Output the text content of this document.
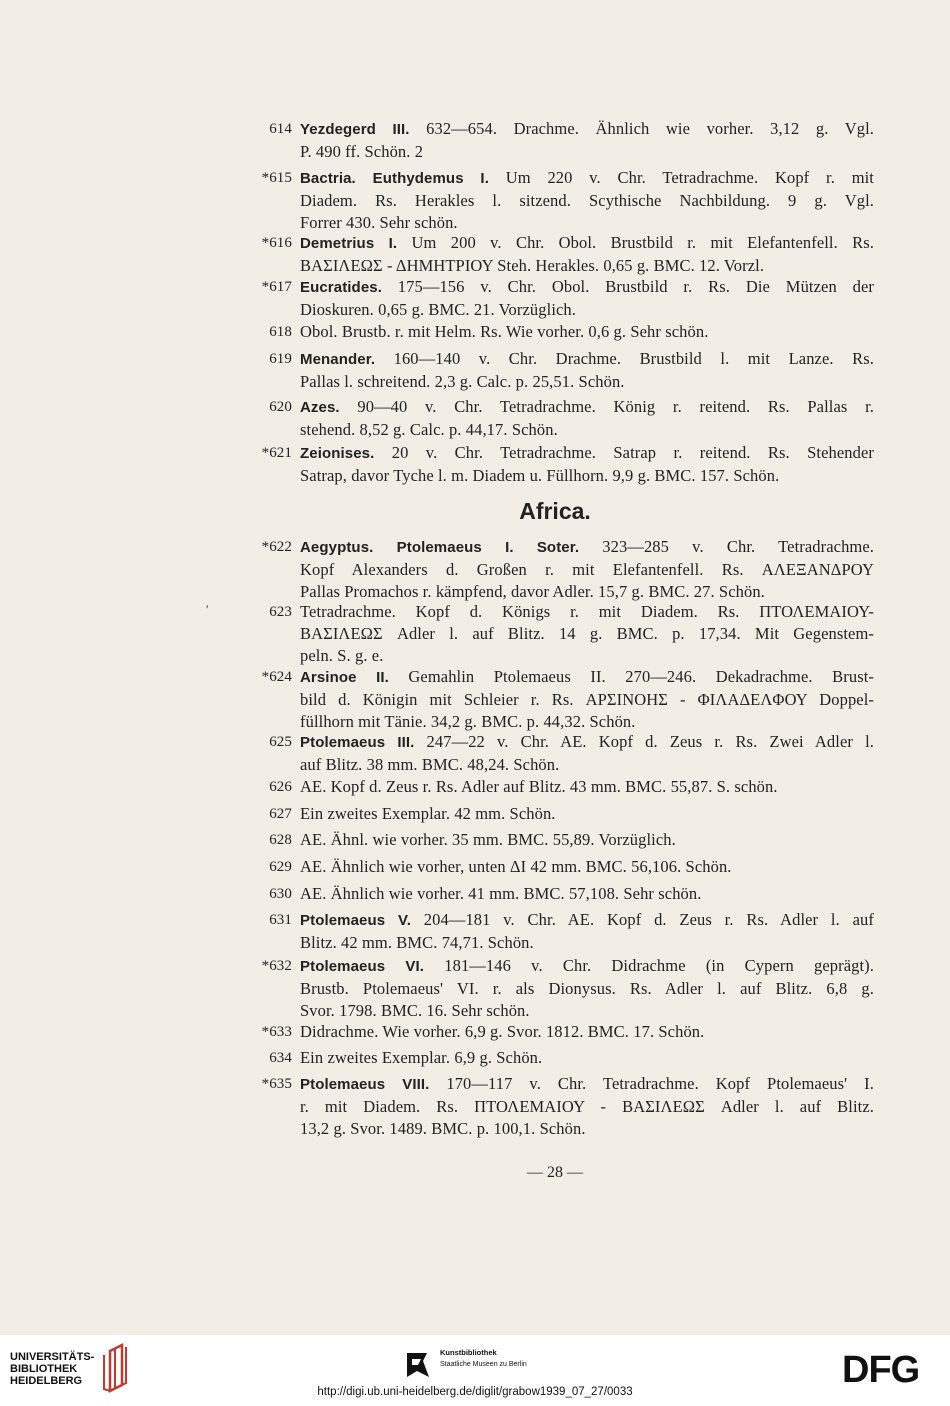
614 Yezdegerd III. 632—654. Drachme. Ähnlich wie vorher. 3,12 g. Vgl.
P. 490 ff. Schön. 2
*615 Bactria. Euthydemus I. Um 220 v. Chr. Tetradrachme. Kopf r. mit
Diadem. Rs. Herakles l. sitzend. Scythische Nachbildung. 9 g. Vgl.
Forrer 430. Sehr schön.
*616 Demetrius I. Um 200 v. Chr. Obol. Brustbild r. mit Elefantenfell. Rs.
ΒΑΣΙΛΕΩΣ - ΔΗΜΗΤΡΙΟΥ Steh. Herakles. 0,65 g. BMC. 12. Vorzl.
*617 Eucratides. 175—156 v. Chr. Obol. Brustbild r. Rs. Die Mützen der
Dioskuren. 0,65 g. BMC. 21. Vorzüglich.
618 Obol. Brustb. r. mit Helm. Rs. Wie vorher. 0,6 g. Sehr schön.
619 Menander. 160—140 v. Chr. Drachme. Brustbild l. mit Lanze. Rs.
Pallas l. schreitend. 2,3 g. Calc. p. 25,51. Schön.
620 Azes. 90—40 v. Chr. Tetradrachme. König r. reitend. Rs. Pallas r.
stehend. 8,52 g. Calc. p. 44,17. Schön.
*621 Zeionises. 20 v. Chr. Tetradrachme. Satrap r. reitend. Rs. Stehender
Satrap, davor Tyche l. m. Diadem u. Füllhorn. 9,9 g. BMC. 157. Schön.
*622 Aegyptus. Ptolemaeus I. Soter. 323—285 v. Chr. Tetradrachme.
Kopf Alexanders d. Großen r. mit Elefantenfell. Rs. ΑΛΕΞΑΝΔΡΟΥ
Pallas Promachos r. kämpfend, davor Adler. 15,7 g. BMC. 27. Schön.
623 Tetradrachme. Kopf d. Königs r. mit Diadem. Rs. ΠΤΟΛΕΜΑΙΟΥ-
ΒΑΣΙΛΕΩΣ Adler l. auf Blitz. 14 g. BMC. p. 17,34. Mit Gegenstem-
peln. S. g. e.
*624 Arsinoe II. Gemahlin Ptolemaeus II. 270—246. Dekadrachme. Brust-
bild d. Königin mit Schleier r. Rs. ΑΡΣΙΝΟΗΣ - ΦΙΛΑΔΕΛΦΟΥ Doppel-
füllhorn mit Tänie. 34,2 g. BMC. p. 44,32. Schön.
625 Ptolemaeus III. 247—22 v. Chr. AE. Kopf d. Zeus r. Rs. Zwei Adler l.
auf Blitz. 38 mm. BMC. 48,24. Schön.
626 AE. Kopf d. Zeus r. Rs. Adler auf Blitz. 43 mm. BMC. 55,87. S. schön.
627 Ein zweites Exemplar. 42 mm. Schön.
628 AE. Ähnl. wie vorher. 35 mm. BMC. 55,89. Vorzüglich.
629 AE. Ähnlich wie vorher, unten ΔΙ 42 mm. BMC. 56,106. Schön.
630 AE. Ähnlich wie vorher. 41 mm. BMC. 57,108. Sehr schön.
631 Ptolemaeus V. 204—181 v. Chr. AE. Kopf d. Zeus r. Rs. Adler l. auf
Blitz. 42 mm. BMC. 74,71. Schön.
*632 Ptolemaeus VI. 181—146 v. Chr. Didrachme (in Cypern geprägt).
Brustb. Ptolemaeus' VI. r. als Dionysus. Rs. Adler l. auf Blitz. 6,8 g.
Svor. 1798. BMC. 16. Sehr schön.
*633 Didrachme. Wie vorher. 6,9 g. Svor. 1812. BMC. 17. Schön.
634 Ein zweites Exemplar. 6,9 g. Schön.
*635 Ptolemaeus VIII. 170—117 v. Chr. Tetradrachme. Kopf Ptolemaeus' I.
r. mit Diadem. Rs. ΠΤΟΛΕΜΑΙΟΥ - ΒΑΣΙΛΕΩΣ Adler l. auf Blitz.
13,2 g. Svor. 1489. BMC. p. 100,1. Schön.
Africa.
′
— 28 —
UNIVERSITÄTS-
BIBLIOTHEK
HEIDELBERG
Kunstbibliothek
Staatliche Museen zu Berlin	DFG
http://digi.ub.uni-heidelberg.de/diglit/grabow1939_07_27/0033
